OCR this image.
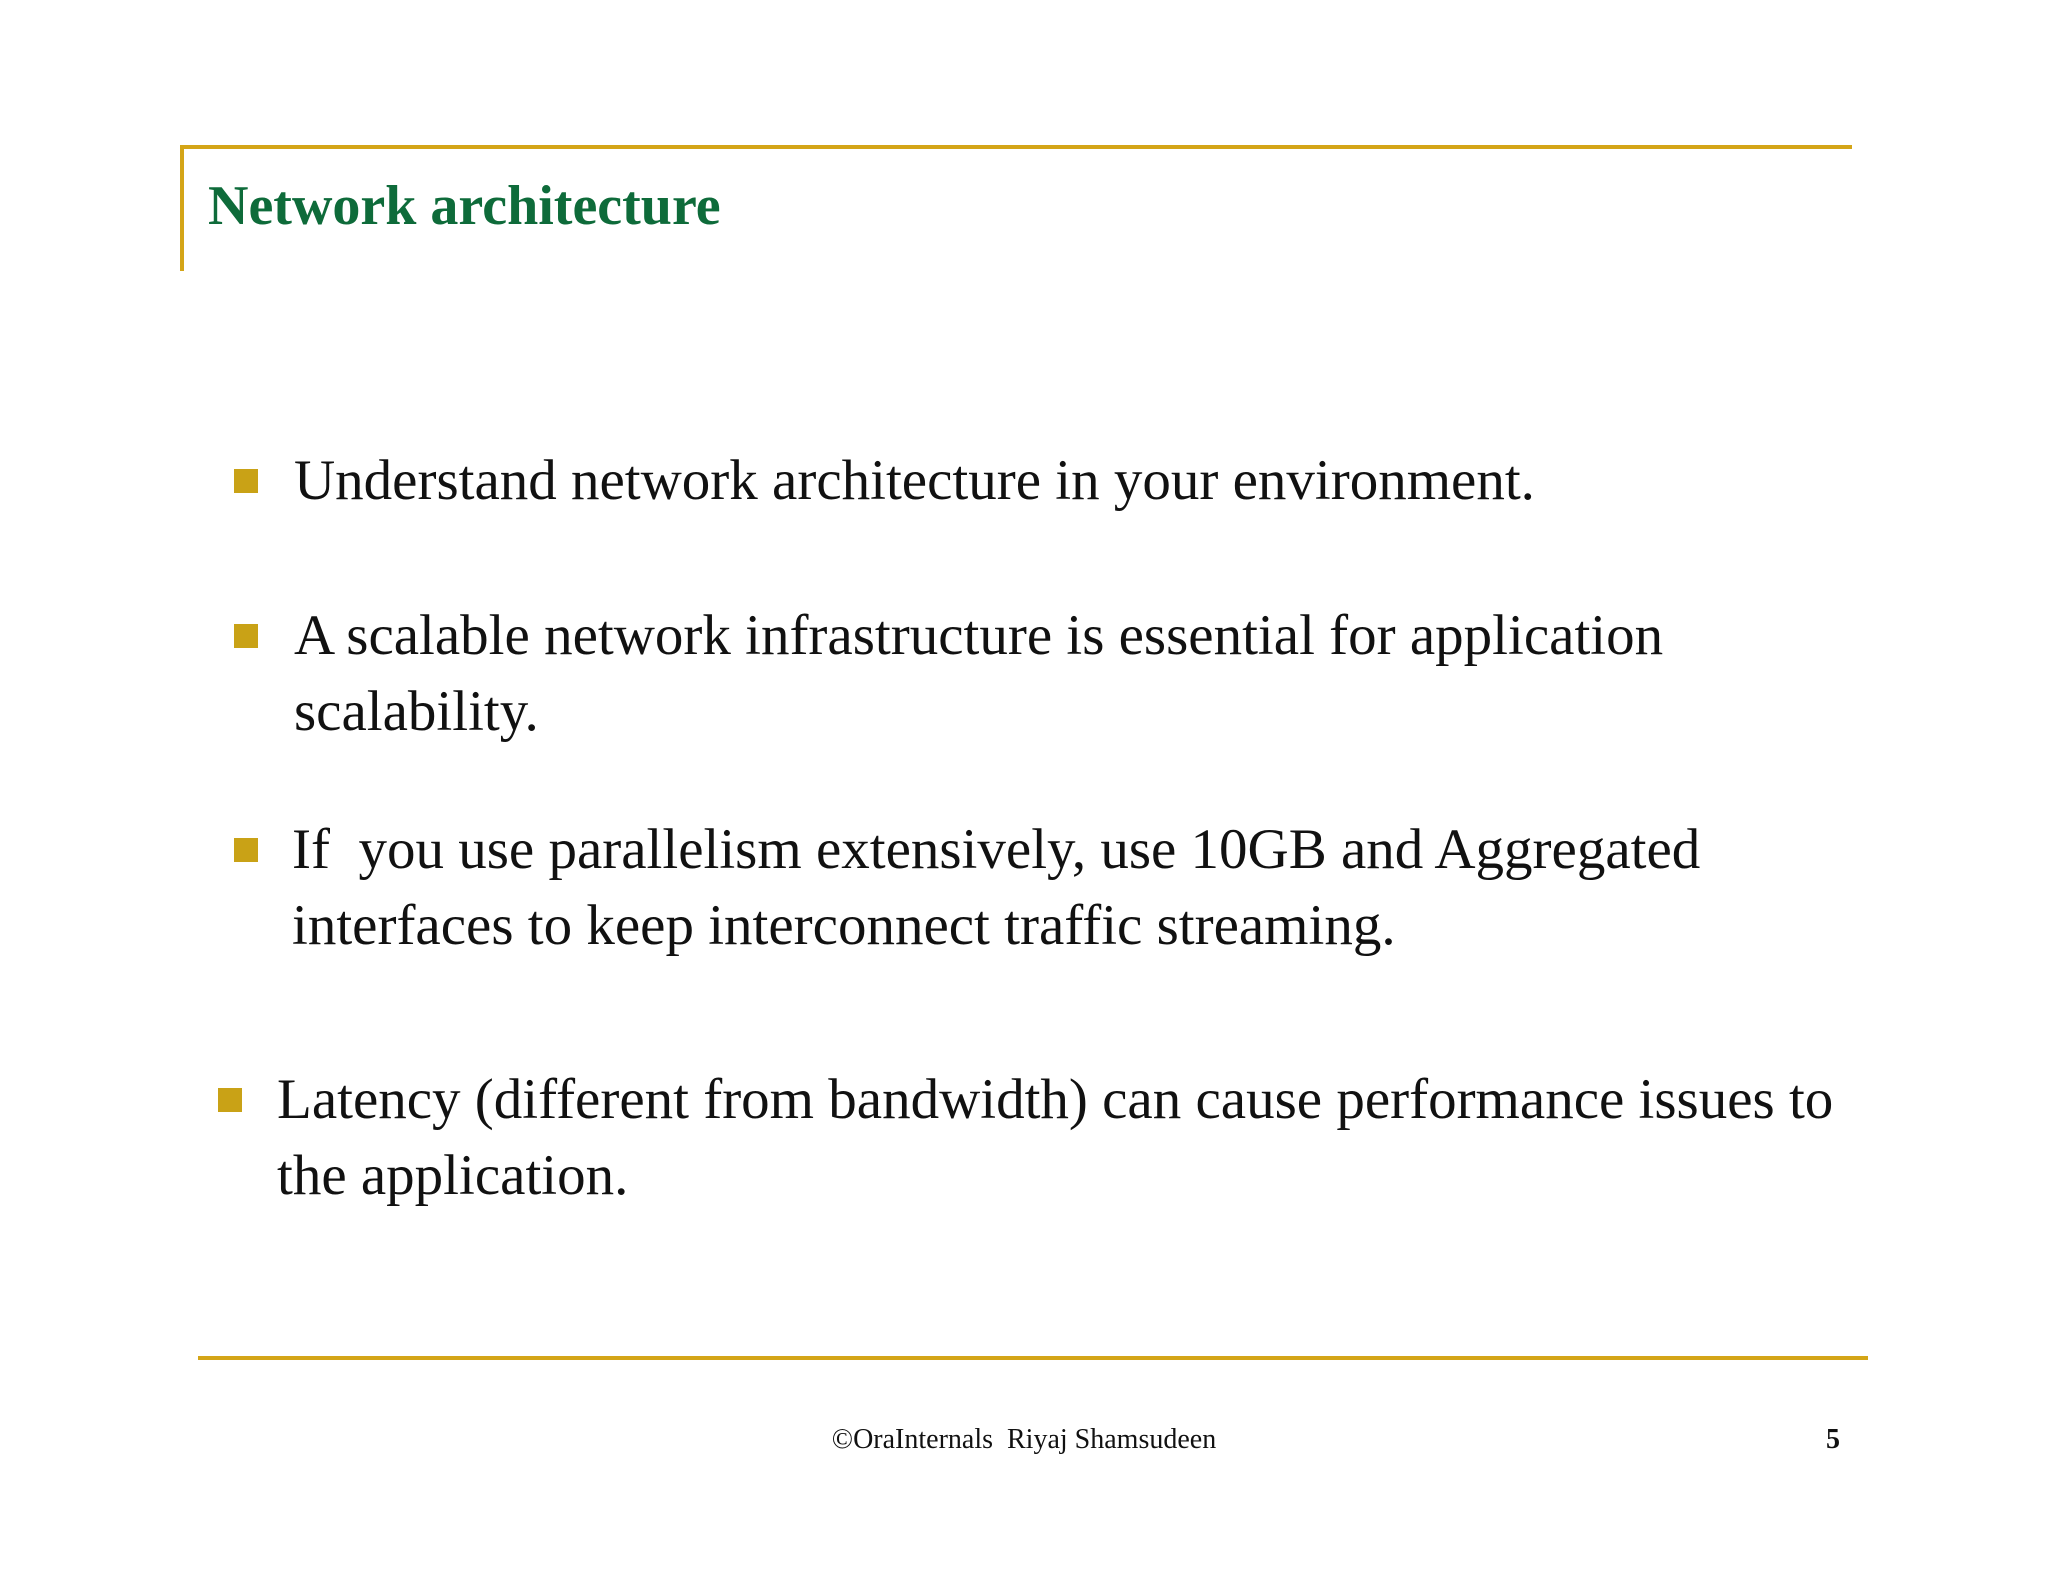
Network architecture
Understand network architecture in your environment.
A scalable network infrastructure is essential for application scalability.
If  you use parallelism extensively, use 10GB and Aggregated interfaces to keep interconnect traffic streaming.
Latency (different from bandwidth) can cause performance issues to the application.
©OraInternals  Riyaj Shamsudeen	5
